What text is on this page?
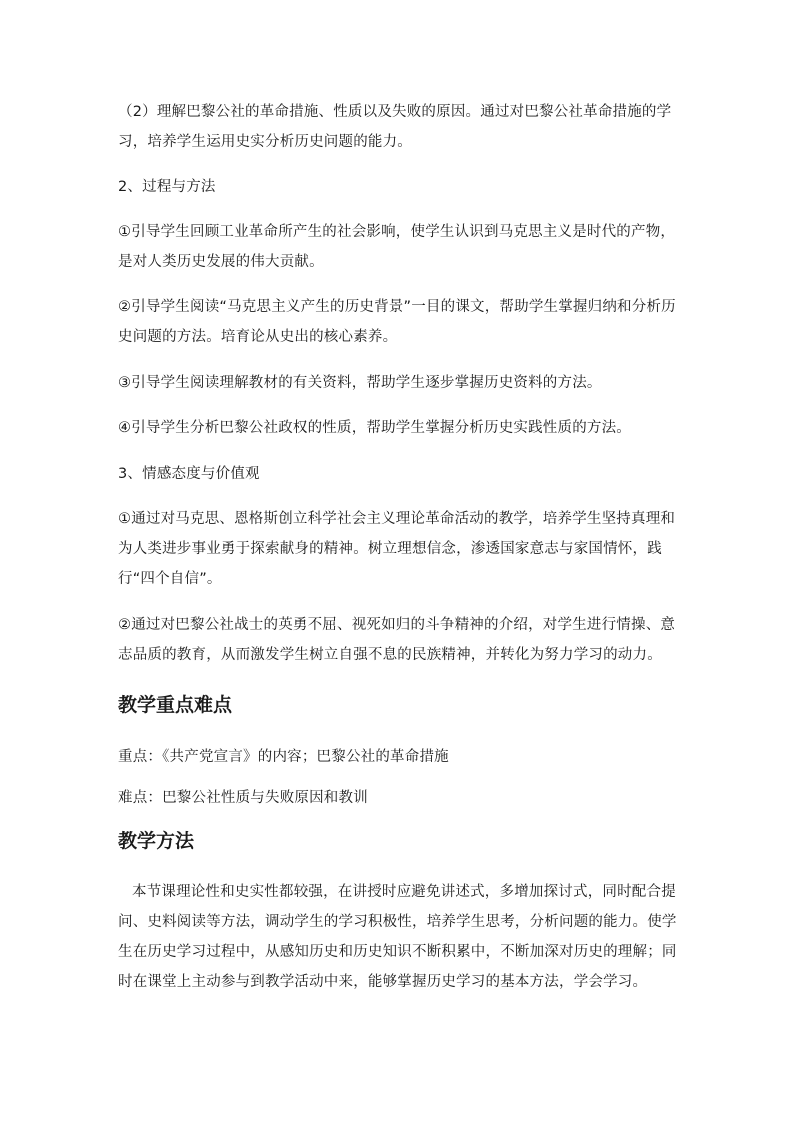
（2）理解巴黎公社的革命措施、性质以及失败的原因。通过对巴黎公社革命措施的学习，培养学生运用史实分析历史问题的能力。

2、过程与方法

①引导学生回顾工业革命所产生的社会影响，使学生认识到马克思主义是时代的产物，是对人类历史发展的伟大贡献。

②引导学生阅读“马克思主义产生的历史背景”一目的课文，帮助学生掌握归纳和分析历史问题的方法。培育论从史出的核心素养。

③引导学生阅读理解教材的有关资料，帮助学生逐步掌握历史资料的方法。

④引导学生分析巴黎公社政权的性质，帮助学生掌握分析历史实践性质的方法。

3、情感态度与价值观

①通过对马克思、恩格斯创立科学社会主义理论革命活动的教学，培养学生坚持真理和为人类进步事业勇于探索献身的精神。树立理想信念，渗透国家意志与家国情怀，践行“四个自信”。

②通过对巴黎公社战士的英勇不屈、视死如归的斗争精神的介绍，对学生进行情操、意志品质的教育，从而激发学生树立自强不息的民族精神，并转化为努力学习的动力。

教学重点难点

重点：《共产党宣言》的内容；巴黎公社的革命措施

难点：巴黎公社性质与失败原因和教训

教学方法

本节课理论性和史实性都较强，在讲授时应避免讲述式，多增加探讨式，同时配合提问、史料阅读等方法，调动学生的学习积极性，培养学生思考，分析问题的能力。使学生在历史学习过程中，从感知历史和历史知识不断积累中，不断加深对历史的理解；同时在课堂上主动参与到教学活动中来，能够掌握历史学习的基本方法，学会学习。
